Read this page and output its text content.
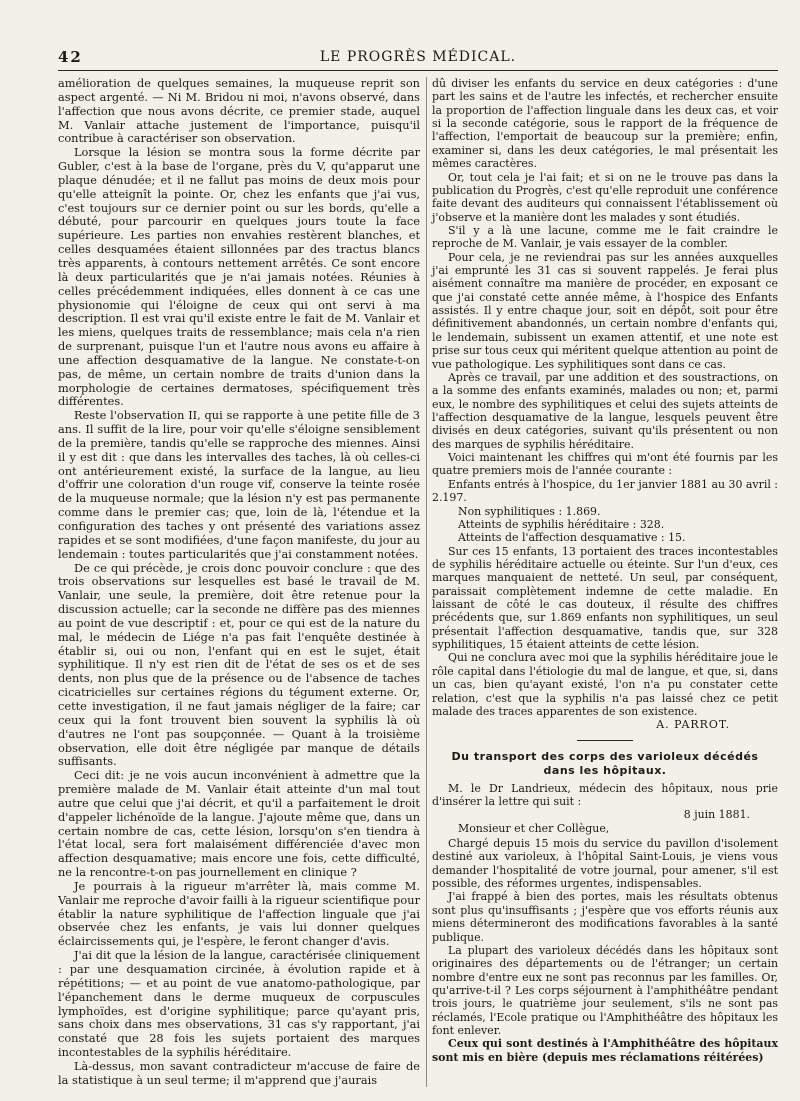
42	LE PROGRÈS MÉDICAL.

amélioration de quelques semaines, la muqueuse reprit son aspect argenté. — Ni M. Bridou ni moi, n'avons observé, dans l'affection que nous avons décrite, ce premier stade, auquel M. Vanlair attache justement de l'importance, puisqu'il contribue à caractériser son observation.

Lorsque la lésion se montra sous la forme décrite par Gubler, c'est à la base de l'organe, près du V, qu'apparut une plaque dénudée; et il ne fallut pas moins de deux mois pour qu'elle atteignît la pointe. Or, chez les enfants que j'ai vus, c'est toujours sur ce dernier point ou sur les bords, qu'elle a débuté, pour parcourir en quelques jours toute la face supérieure. Les parties non envahies restèrent blanches, et celles desquamées étaient sillonnées par des tractus blancs très apparents, à contours nettement arrêtés. Ce sont encore là deux particularités que je n'ai jamais notées. Réunies à celles précédemment indiquées, elles donnent à ce cas une physionomie qui l'éloigne de ceux qui ont servi à ma description. Il est vrai qu'il existe entre le fait de M. Vanlair et les miens, quelques traits de ressemblance; mais cela n'a rien de surprenant, puisque l'un et l'autre nous avons eu affaire à une affection desquamative de la langue. Ne constate-t-on pas, de même, un certain nombre de traits d'union dans la morphologie de certaines dermatoses, spécifiquement très différentes.

Reste l'observation II, qui se rapporte à une petite fille de 3 ans. Il suffit de la lire, pour voir qu'elle s'éloigne sensiblement de la première, tandis qu'elle se rapproche des miennes. Ainsi il y est dit : que dans les intervalles des taches, là où celles-ci ont antérieurement existé, la surface de la langue, au lieu d'offrir une coloration d'un rouge vif, conserve la teinte rosée de la muqueuse normale; que la lésion n'y est pas permanente comme dans le premier cas; que, loin de là, l'étendue et la configuration des taches y ont présenté des variations assez rapides et se sont modifiées, d'une façon manifeste, du jour au lendemain : toutes particularités que j'ai constamment notées.

De ce qui précède, je crois donc pouvoir conclure : que des trois observations sur lesquelles est basé le travail de M. Vanlair, une seule, la première, doit être retenue pour la discussion actuelle; car la seconde ne diffère pas des miennes au point de vue descriptif : et, pour ce qui est de la nature du mal, le médecin de Liége n'a pas fait l'enquête destinée à établir si, oui ou non, l'enfant qui en est le sujet, était syphilitique. Il n'y est rien dit de l'état de ses os et de ses dents, non plus que de la présence ou de l'absence de taches cicatricielles sur certaines régions du tégument externe. Or, cette investigation, il ne faut jamais négliger de la faire; car ceux qui la font trouvent bien souvent la syphilis là où d'autres ne l'ont pas soupçonnée. — Quant à la troisième observation, elle doit être négligée par manque de détails suffisants.

Ceci dit: je ne vois aucun inconvénient à admettre que la première malade de M. Vanlair était atteinte d'un mal tout autre que celui que j'ai décrit, et qu'il a parfaitement le droit d'appeler lichénoïde de la langue. J'ajoute même que, dans un certain nombre de cas, cette lésion, lorsqu'on s'en tiendra à l'état local, sera fort malaisément différenciée d'avec mon affection desquamative; mais encore une fois, cette difficulté, ne la rencontre-t-on pas journellement en clinique ?

Je pourrais à la rigueur m'arrêter là, mais comme M. Vanlair me reproche d'avoir failli à la rigueur scientifique pour établir la nature syphilitique de l'affection linguale que j'ai observée chez les enfants, je vais lui donner quelques éclaircissements qui, je l'espère, le feront changer d'avis.

J'ai dit que la lésion de la langue, caractérisée cliniquement : par une desquamation circinée, à évolution rapide et à répétitions; — et au point de vue anatomo-pathologique, par l'épanchement dans le derme muqueux de corpuscules lymphoïdes, est d'origine syphilitique; parce qu'ayant pris, sans choix dans mes observations, 31 cas s'y rapportant, j'ai constaté que 28 fois les sujets portaient des marques incontestables de la syphilis héréditaire.

Là-dessus, mon savant contradicteur m'accuse de faire de la statistique à un seul terme; il m'apprend que j'aurais

dû diviser les enfants du service en deux catégories : d'une part les sains et de l'autre les infectés, et rechercher ensuite la proportion de l'affection linguale dans les deux cas, et voir si la seconde catégorie, sous le rapport de la fréquence de l'affection, l'emportait de beaucoup sur la première; enfin, examiner si, dans les deux catégories, le mal présentait les mêmes caractères.

Or, tout cela je l'ai fait; et si on ne le trouve pas dans la publication du Progrès, c'est qu'elle reproduit une conférence faite devant des auditeurs qui connaissent l'établissement où j'observe et la manière dont les malades y sont étudiés.

S'il y a là une lacune, comme me le fait craindre le reproche de M. Vanlair, je vais essayer de la combler.

Pour cela, je ne reviendrai pas sur les années auxquelles j'ai emprunté les 31 cas si souvent rappelés. Je ferai plus aisément connaître ma manière de procéder, en exposant ce que j'ai constaté cette année même, à l'hospice des Enfants assistés. Il y entre chaque jour, soit en dépôt, soit pour être définitivement abandonnés, un certain nombre d'enfants qui, le lendemain, subissent un examen attentif, et une note est prise sur tous ceux qui méritent quelque attention au point de vue pathologique. Les syphilitiques sont dans ce cas.

Après ce travail, par une addition et des soustractions, on a la somme des enfants examinés, malades ou non; et, parmi eux, le nombre des syphilitiques et celui des sujets atteints de l'affection desquamative de la langue, lesquels peuvent être divisés en deux catégories, suivant qu'ils présentent ou non des marques de syphilis héréditaire.

Voici maintenant les chiffres qui m'ont été fournis par les quatre premiers mois de l'année courante :

Enfants entrés à l'hospice, du 1er janvier 1881 au 30 avril : 2.197.

Non syphilitiques : 1.869.

Atteints de syphilis héréditaire : 328.

Atteints de l'affection desquamative : 15.

Sur ces 15 enfants, 13 portaient des traces incontestables de syphilis héréditaire actuelle ou éteinte. Sur l'un d'eux, ces marques manquaient de netteté. Un seul, par conséquent, paraissait complètement indemne de cette maladie. En laissant de côté le cas douteux, il résulte des chiffres précédents que, sur 1.869 enfants non syphilitiques, un seul présentait l'affection desquamative, tandis que, sur 328 syphilitiques, 15 étaient atteints de cette lésion.

Qui ne conclura avec moi que la syphilis héréditaire joue le rôle capital dans l'étiologie du mal de langue, et que, si, dans un cas, bien qu'ayant existé, l'on n'a pu constater cette relation, c'est que la syphilis n'a pas laissé chez ce petit malade des traces apparentes de son existence.

A. PARROT.

Du transport des corps des varioleux décédés dans les hôpitaux.

M. le Dr Landrieux, médecin des hôpitaux, nous prie d'insérer la lettre qui suit :

8 juin 1881.

Monsieur et cher Collègue,

Chargé depuis 15 mois du service du pavillon d'isolement destiné aux varioleux, à l'hôpital Saint-Louis, je viens vous demander l'hospitalité de votre journal, pour amener, s'il est possible, des réformes urgentes, indispensables.

J'ai frappé à bien des portes, mais les résultats obtenus sont plus qu'insuffisants ; j'espère que vos efforts réunis aux miens détermineront des modifications favorables à la santé publique.

La plupart des varioleux décédés dans les hôpitaux sont originaires des départements ou de l'étranger; un certain nombre d'entre eux ne sont pas reconnus par les familles. Or, qu'arrive-t-il ? Les corps séjournent à l'amphithéâtre pendant trois jours, le quatrième jour seulement, s'ils ne sont pas réclamés, l'Ecole pratique ou l'Amphithéâtre des hôpitaux les font enlever.

Ceux qui sont destinés à l'Amphithéâtre des hôpitaux sont mis en bière (depuis mes réclamations réitérées)
